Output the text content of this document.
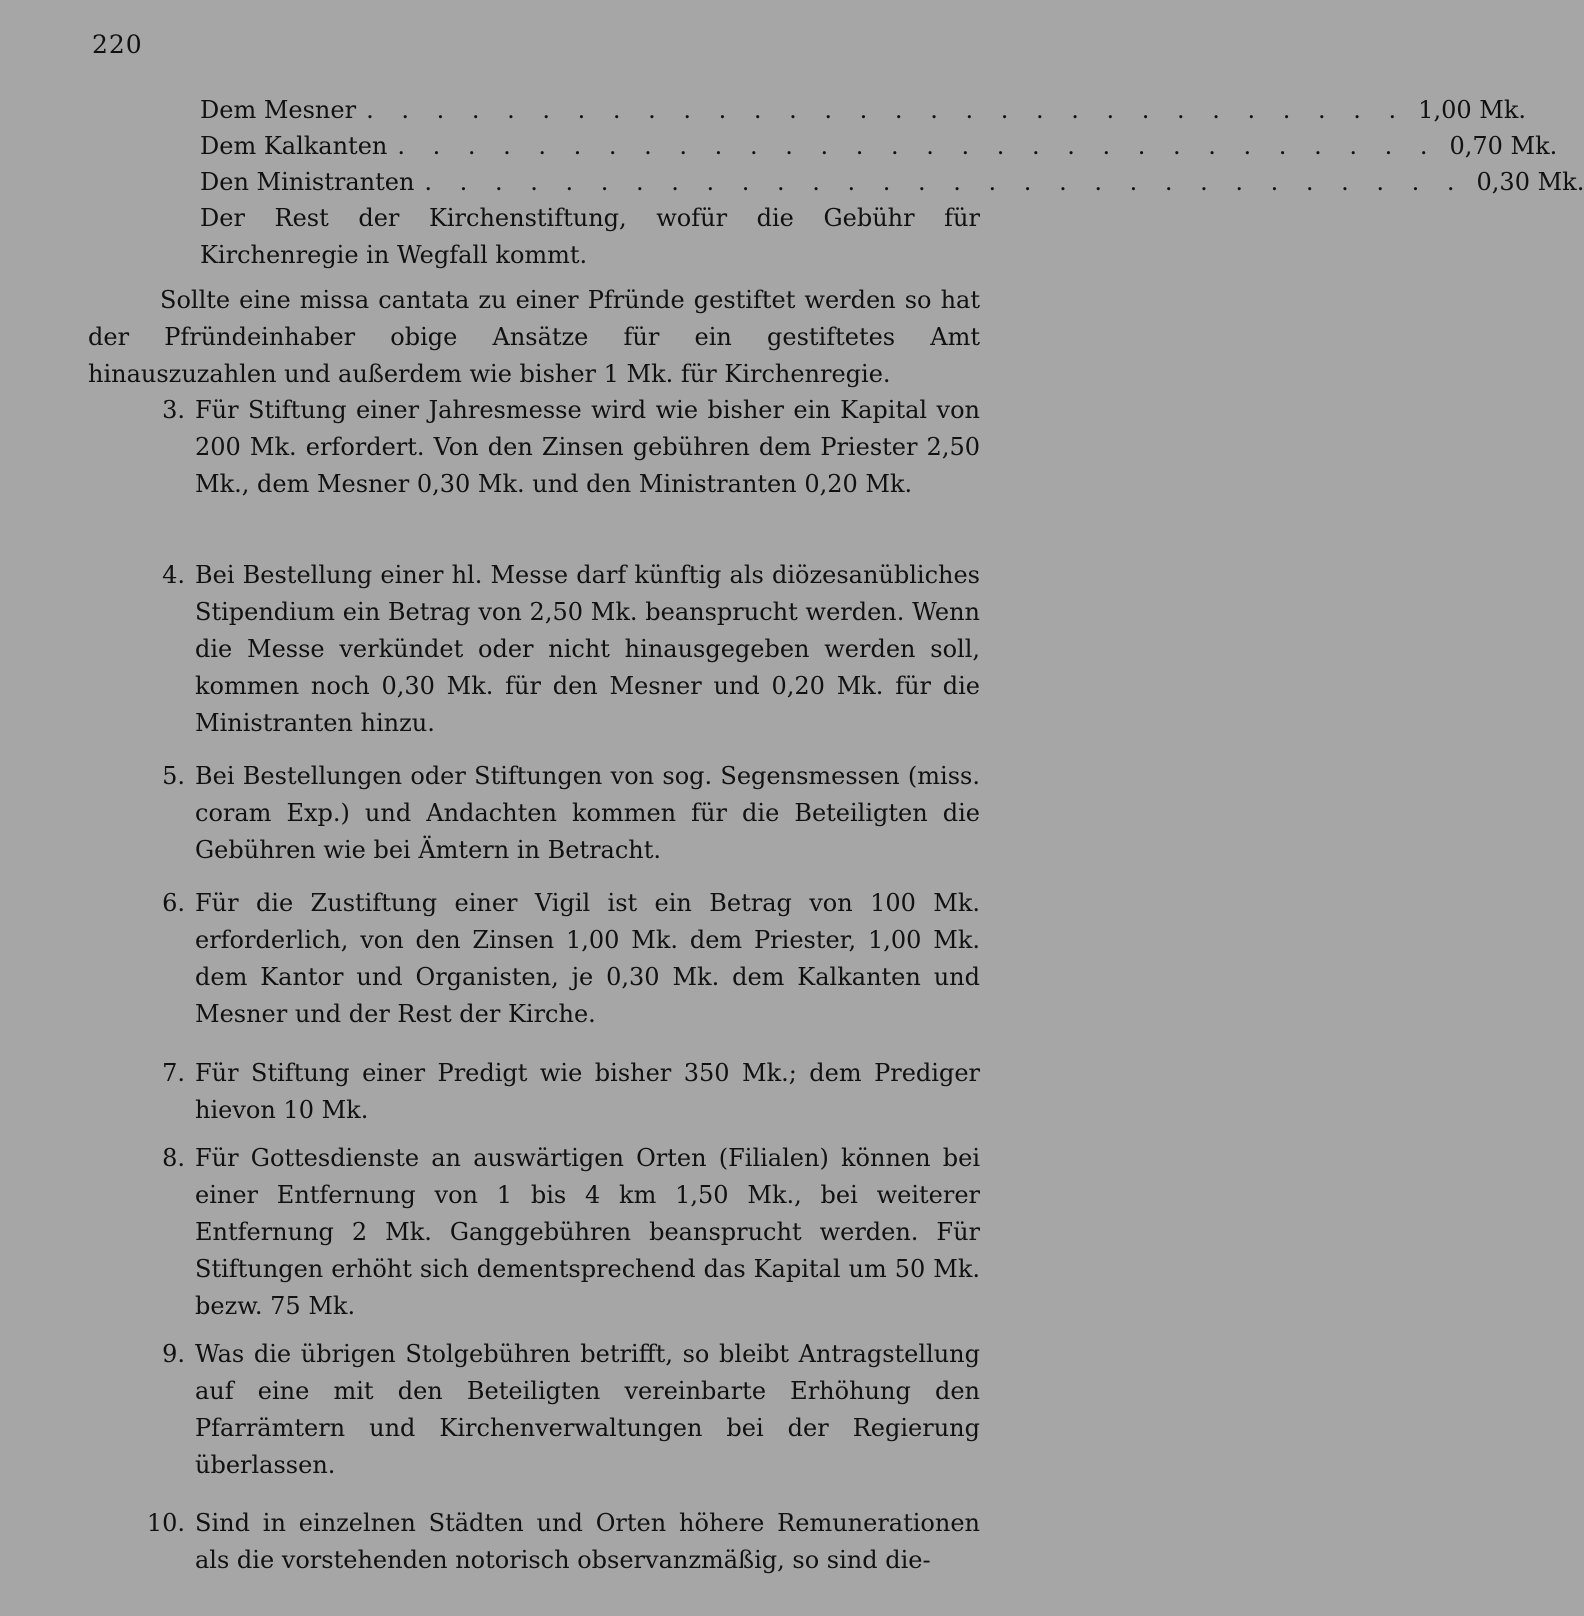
220
Dem Mesner . . . . . . . . . . . . . . . . . . . . . . . . . . . . . . 1,00 Mk.
Dem Kalkanten . . . . . . . . . . . . . . . . . . . . . . . . . . . . . . 0,70 Mk.
Den Ministranten . . . . . . . . . . . . . . . . . . . . . . . . . . . . . . 0,30 Mk.
Der Rest der Kirchenstiftung, wofür die Gebühr für Kirchenregie in Wegfall kommt.
Sollte eine missa cantata zu einer Pfründe gestiftet werden so hat der Pfründeinhaber obige Ansätze für ein gestiftetes Amt hinauszuzahlen und außerdem wie bisher 1 Mk. für Kirchenregie.
3. Für Stiftung einer Jahresmesse wird wie bisher ein Kapital von 200 Mk. erfordert. Von den Zinsen gebühren dem Priester 2,50 Mk., dem Mesner 0,30 Mk. und den Ministranten 0,20 Mk.
4. Bei Bestellung einer hl. Messe darf künftig als diözesanübliches Stipendium ein Betrag von 2,50 Mk. beansprucht werden. Wenn die Messe verkündet oder nicht hinausgegeben werden soll, kommen noch 0,30 Mk. für den Mesner und 0,20 Mk. für die Ministranten hinzu.
5. Bei Bestellungen oder Stiftungen von sog. Segensmessen (miss. coram Exp.) und Andachten kommen für die Beteiligten die Gebühren wie bei Ämtern in Betracht.
6. Für die Zustiftung einer Vigil ist ein Betrag von 100 Mk. erforderlich, von den Zinsen 1,00 Mk. dem Priester, 1,00 Mk. dem Kantor und Organisten, je 0,30 Mk. dem Kalkanten und Mesner und der Rest der Kirche.
7. Für Stiftung einer Predigt wie bisher 350 Mk.; dem Prediger hievon 10 Mk.
8. Für Gottesdienste an auswärtigen Orten (Filialen) können bei einer Entfernung von 1 bis 4 km 1,50 Mk., bei weiterer Entfernung 2 Mk. Ganggebühren beansprucht werden. Für Stiftungen erhöht sich dementsprechend das Kapital um 50 Mk. bezw. 75 Mk.
9. Was die übrigen Stolgebühren betrifft, so bleibt Antragstellung auf eine mit den Beteiligten vereinbarte Erhöhung den Pfarrämtern und Kirchenverwaltungen bei der Regierung überlassen.
10. Sind in einzelnen Städten und Orten höhere Remunerationen als die vorstehenden notorisch observanzmäßig, so sind die-
